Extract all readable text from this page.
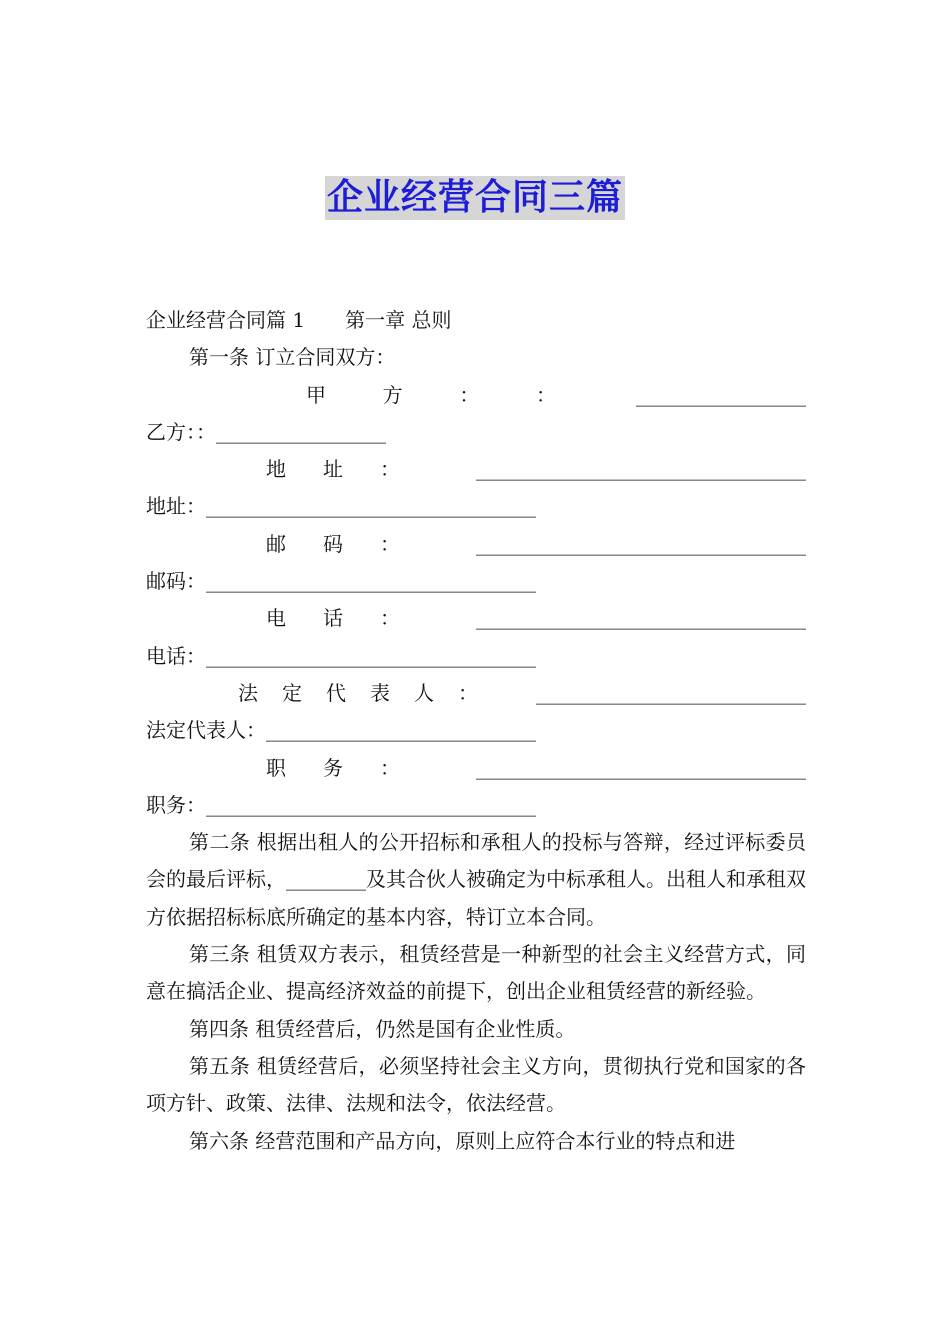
企业经营合同三篇

企业经营合同篇 1 第一章 总则

第一条 订立合同双方：

甲	方	：	：	_________________

乙方：：_________________

地 址 ：	_________________________________

地址：_________________________________

邮 码 ：	_________________________________

邮码：_________________________________

电 话 ：	_________________________________

电话：_________________________________

法 定 代 表 人 ：	___________________________

法定代表人：___________________________

职 务 ：	_________________________________

职务：_________________________________

第二条 根据出租人的公开招标和承租人的投标与答辩，经过评标委员会的最后评标，________及其合伙人被确定为中标承租人。出租人和承租双方依据招标标底所确定的基本内容，特订立本合同。

第三条 租赁双方表示，租赁经营是一种新型的社会主义经营方式，同意在搞活企业、提高经济效益的前提下，创出企业租赁经营的新经验。

第四条 租赁经营后，仍然是国有企业性质。

第五条 租赁经营后，必须坚持社会主义方向，贯彻执行党和国家的各项方针、政策、法律、法规和法令，依法经营。

第六条 经营范围和产品方向，原则上应符合本行业的特点和进
